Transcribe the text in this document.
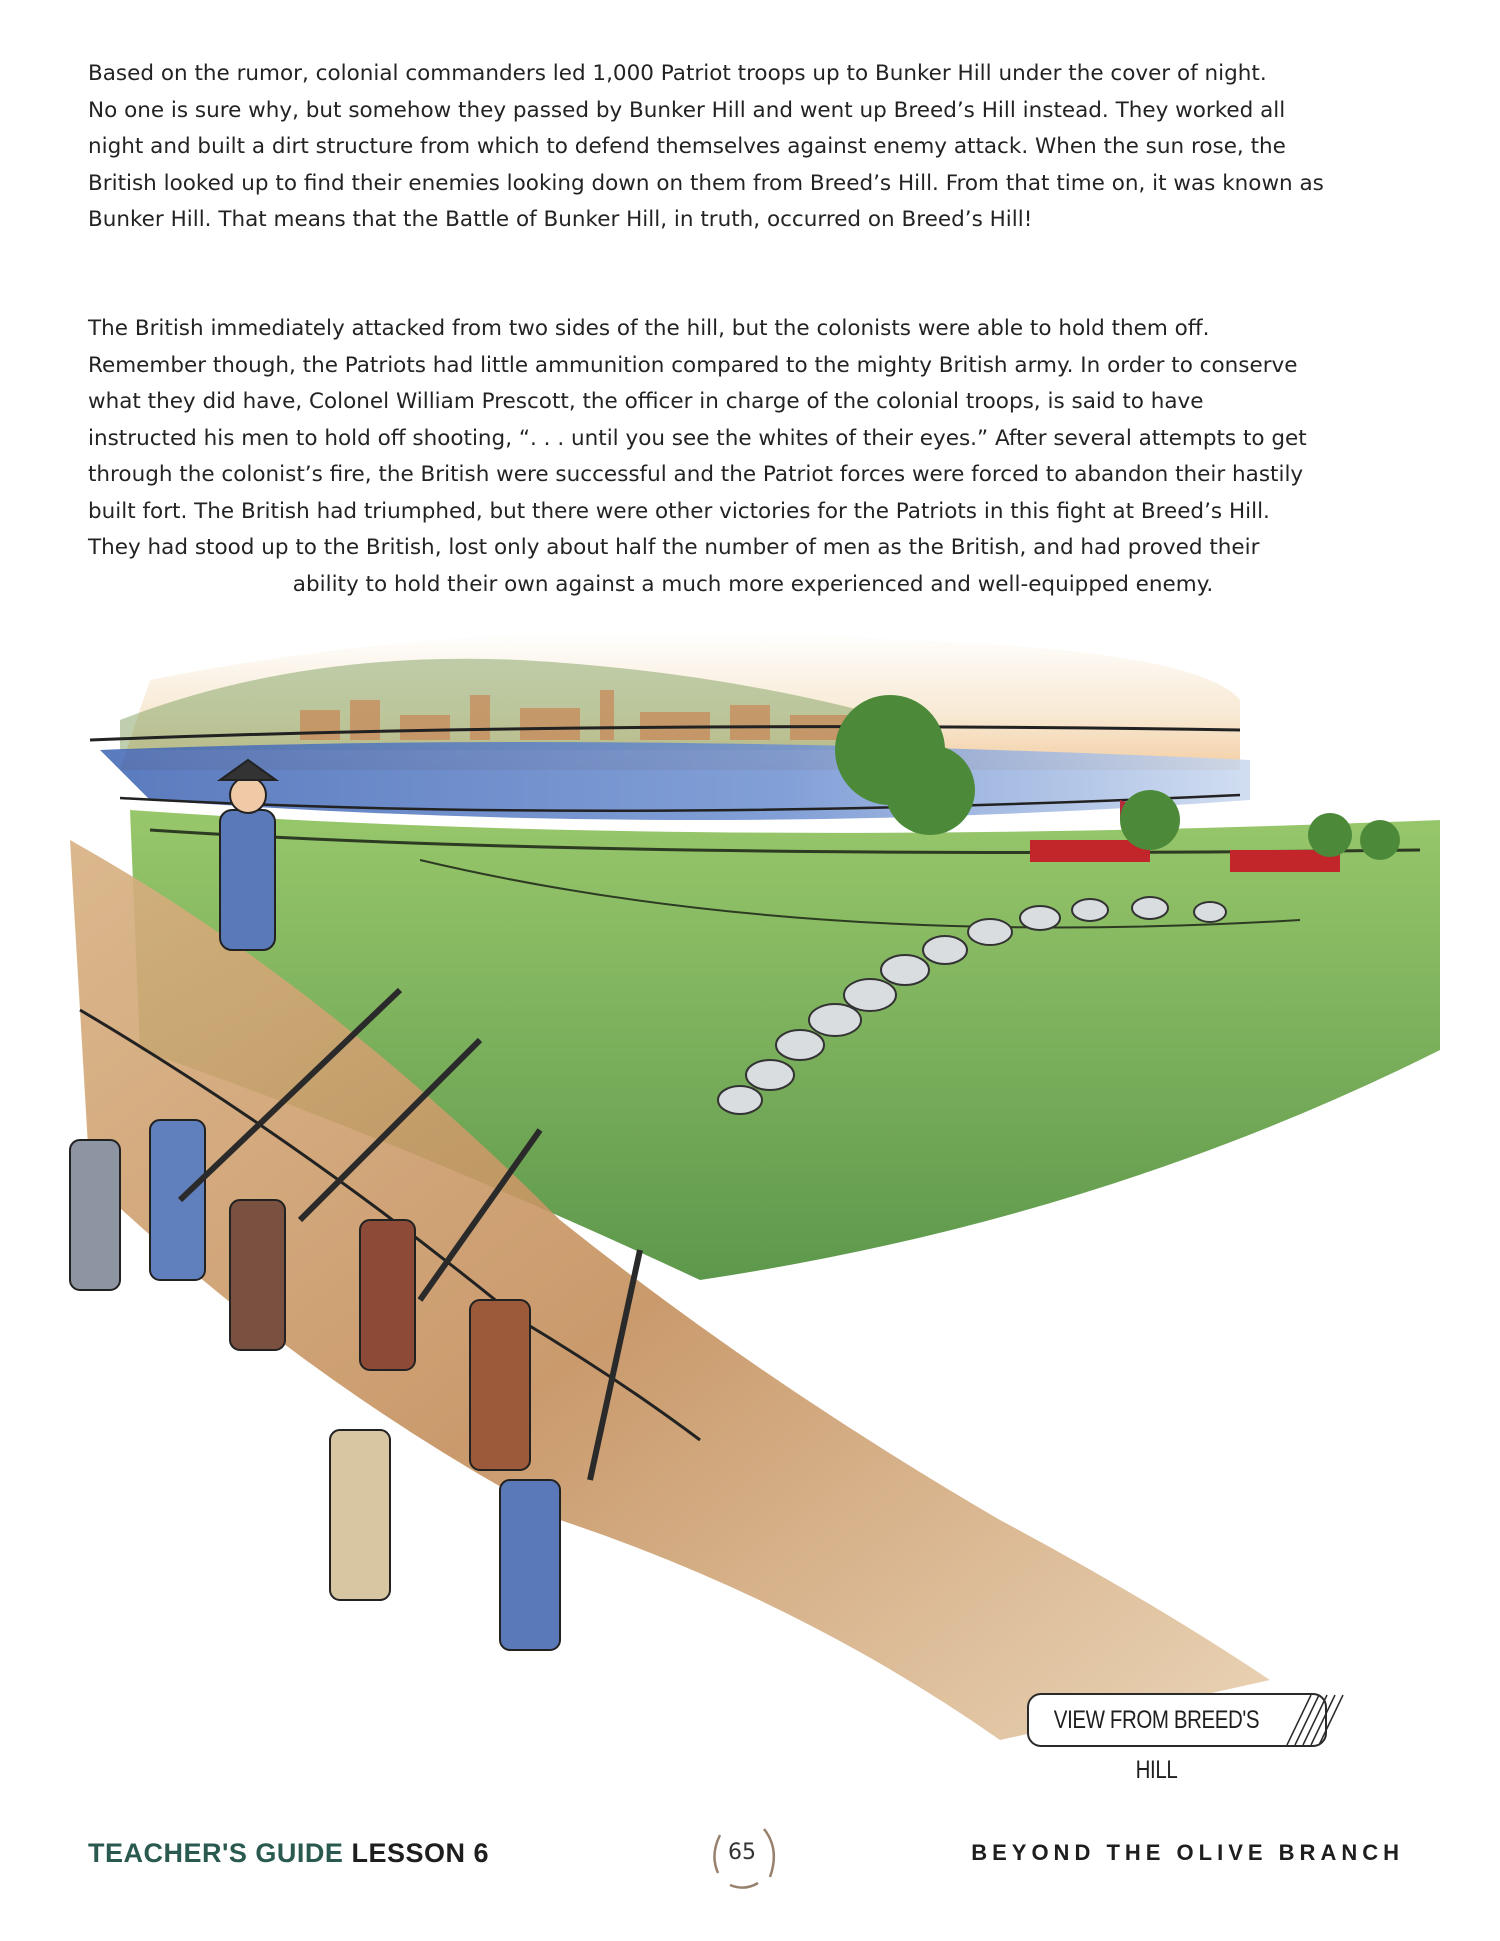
Based on the rumor, colonial commanders led 1,000 Patriot troops up to Bunker Hill under the cover of night.
No one is sure why, but somehow they passed by Bunker Hill and went up Breed’s Hill instead. They worked all
night and built a dirt structure from which to defend themselves against enemy attack. When the sun rose, the
British looked up to find their enemies looking down on them from Breed’s Hill. From that time on, it was known as
Bunker Hill. That means that the Battle of Bunker Hill, in truth, occurred on Breed’s Hill!
The British immediately attacked from two sides of the hill, but the colonists were able to hold them off.
Remember though, the Patriots had little ammunition compared to the mighty British army. In order to conserve
what they did have, Colonel William Prescott, the officer in charge of the colonial troops, is said to have
instructed his men to hold off shooting, “. . . until you see the whites of their eyes.” After several attempts to get
through the colonist’s fire, the British were successful and the Patriot forces were forced to abandon their hastily
built fort. The British had triumphed, but there were other victories for the Patriots in this fight at Breed’s Hill.
They had stood up to the British, lost only about half the number of men as the British, and had proved their
ability to hold their own against a much more experienced and well-equipped enemy.
VIEW FROM BREED'S HILL
TEACHER'S GUIDE LESSON 6	65	BEYOND THE OLIVE BRANCH
